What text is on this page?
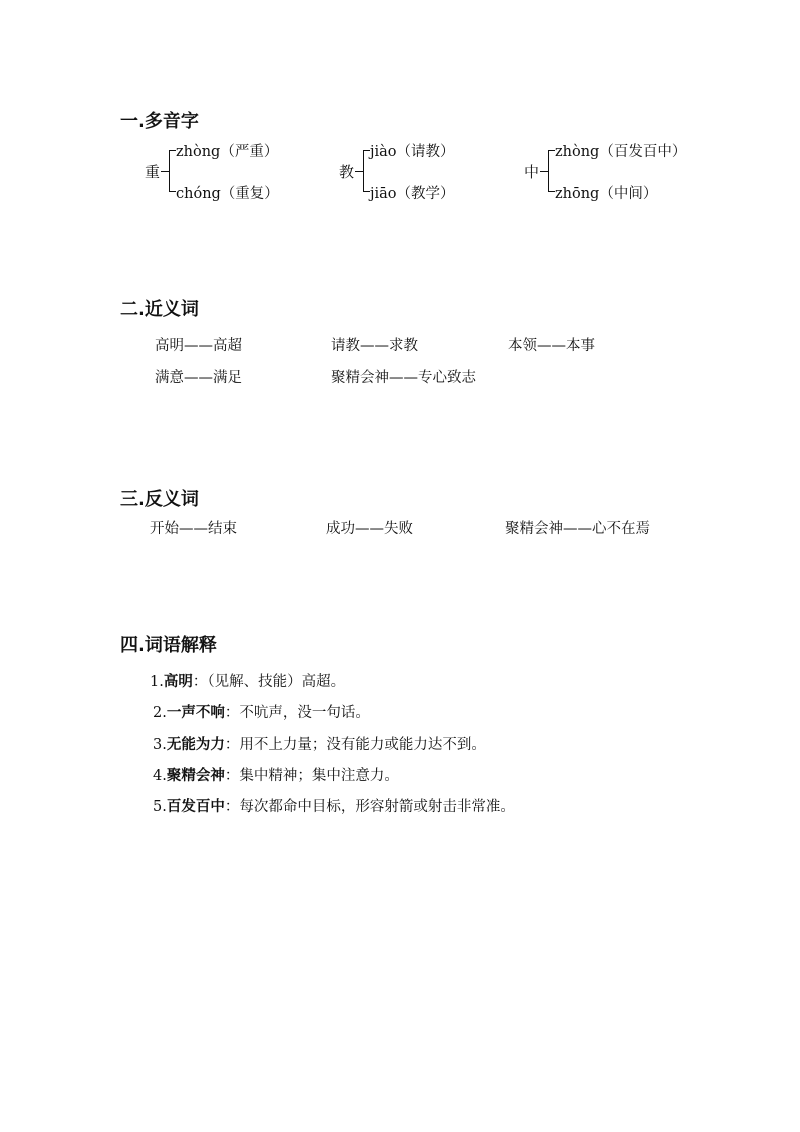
一.多音字
重
zhòng（严重）
chóng（重复）
教
jiào（请教）
jiāo（教学）
中
zhòng（百发百中）
zhōng（中间）
二.近义词
高明——高超	请教——求教	本领——本事
满意——满足	聚精会神——专心致志
三.反义词
开始——结束	成功——失败	聚精会神——心不在焉
四.词语解释
1.高明：（见解、技能）高超。
2.一声不响：不吭声，没一句话。
3.无能为力：用不上力量；没有能力或能力达不到。
4.聚精会神：集中精神；集中注意力。
5.百发百中：每次都命中目标，形容射箭或射击非常准。
